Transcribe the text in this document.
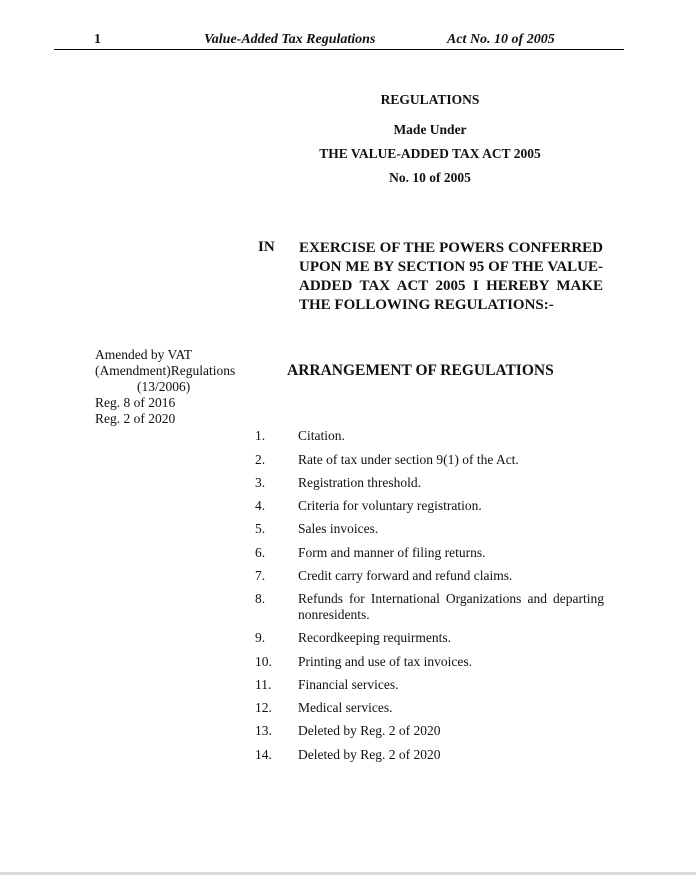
1	Value-Added Tax Regulations	Act No. 10 of 2005
REGULATIONS
Made Under
THE VALUE-ADDED TAX ACT 2005
No. 10 of 2005
IN EXERCISE OF THE POWERS CONFERRED UPON ME BY SECTION 95 OF THE VALUE-ADDED TAX ACT 2005 I HEREBY MAKE THE FOLLOWING REGULATIONS:-
Amended by VAT
(Amendment)Regulations
(13/2006)
Reg. 8 of 2016
Reg. 2 of 2020
ARRANGEMENT OF REGULATIONS
1. Citation.
2. Rate of tax under section 9(1) of the Act.
3. Registration threshold.
4. Criteria for voluntary registration.
5. Sales invoices.
6. Form and manner of filing returns.
7. Credit carry forward and refund claims.
8. Refunds for International Organizations and departing nonresidents.
9. Recordkeeping requirments.
10. Printing and use of tax invoices.
11. Financial services.
12. Medical services.
13. Deleted by Reg. 2 of 2020
14. Deleted by Reg. 2 of 2020
